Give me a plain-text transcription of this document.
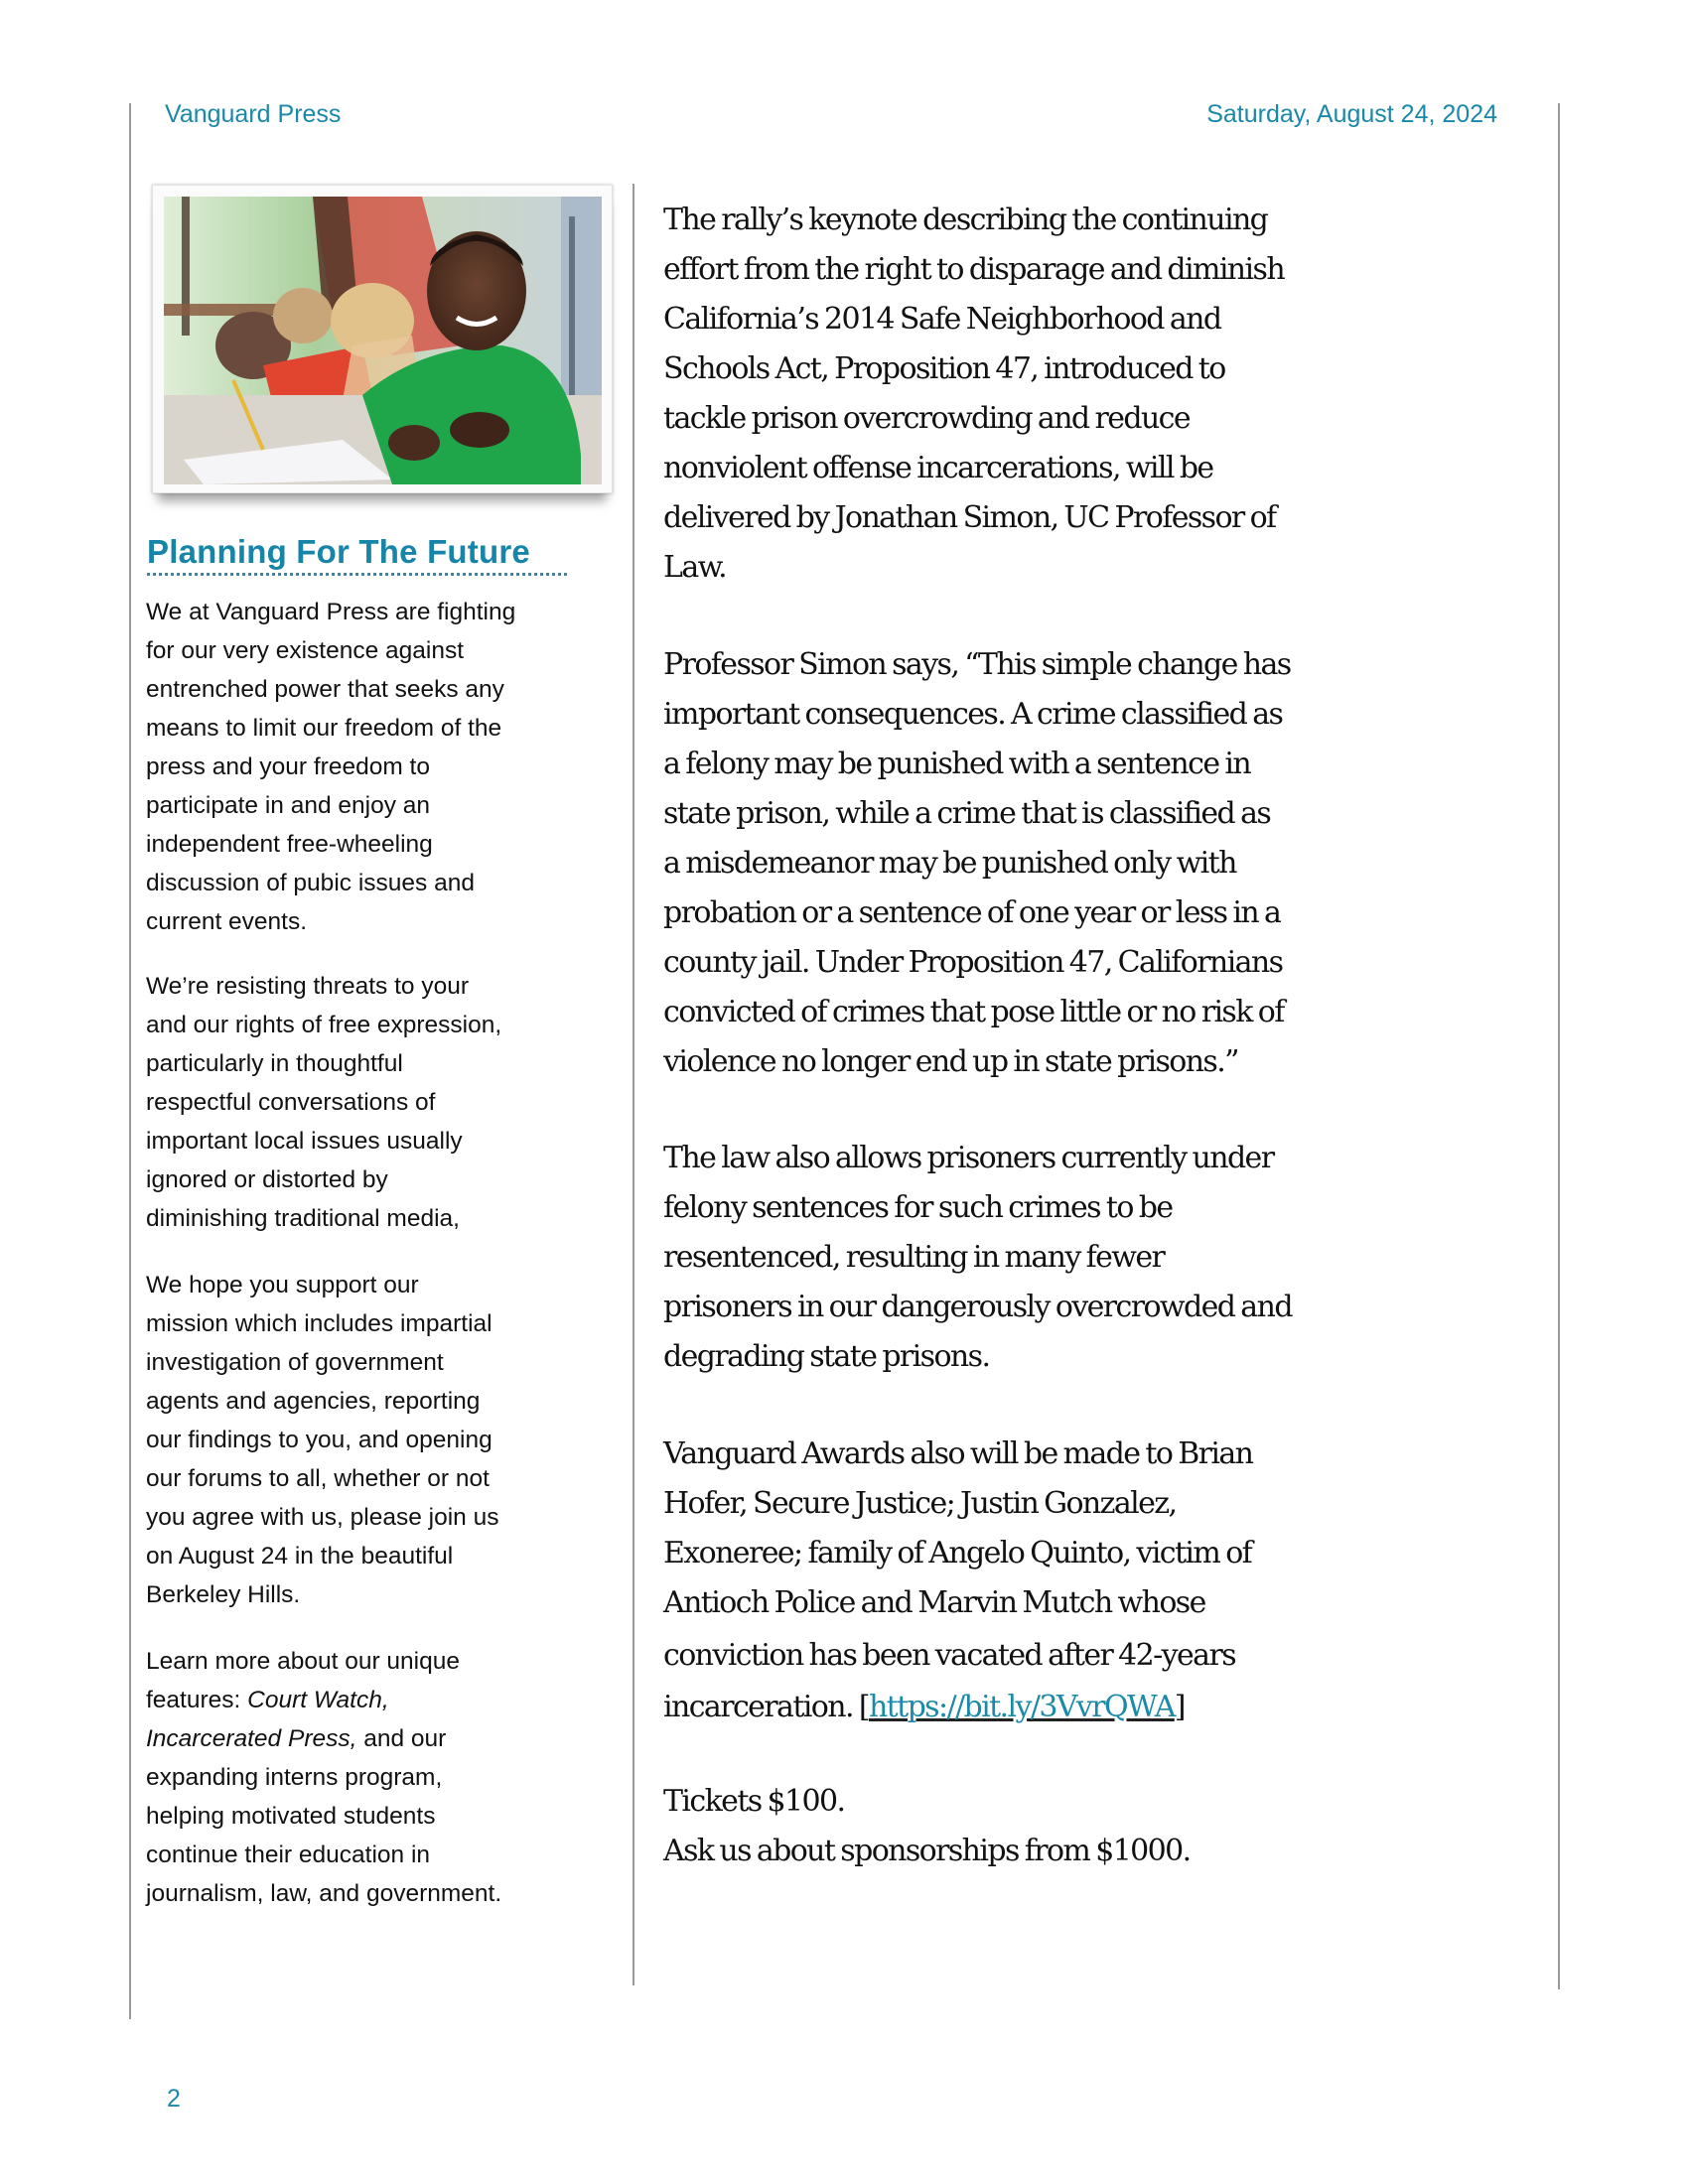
Vanguard Press	Saturday, August 24, 2024
Planning For The Future
We at Vanguard Press are fighting
for our very existence against
entrenched power that seeks any
means to limit our freedom of the
press and your freedom to
participate in and enjoy an
independent free-wheeling
discussion of pubic issues and
current events.
We’re resisting threats to your
and our rights of free expression,
particularly in thoughtful
respectful conversations of
important local issues usually
ignored or distorted by
diminishing traditional media,
We hope you support our
mission which includes impartial
investigation of government
agents and agencies, reporting
our findings to you, and opening
our forums to all, whether or not
you agree with us, please join us
on August 24 in the beautiful
Berkeley Hills.
Learn more about our unique
features: Court Watch,
Incarcerated Press, and our
expanding interns program,
helping motivated students
continue their education in
journalism, law, and government.
The rally’s keynote describing the continuing
effort from the right to disparage and diminish
California’s 2014 Safe Neighborhood and
Schools Act, Proposition 47, introduced to
tackle prison overcrowding and reduce
nonviolent offense incarcerations, will be
delivered by Jonathan Simon, UC Professor of
Law.
Professor Simon says, “This simple change has
important consequences. A crime classified as
a felony may be punished with a sentence in
state prison, while a crime that is classified as
a misdemeanor may be punished only with
probation or a sentence of one year or less in a
county jail. Under Proposition 47, Californians
convicted of crimes that pose little or no risk of
violence no longer end up in state prisons.”
The law also allows prisoners currently under
felony sentences for such crimes to be
resentenced, resulting in many fewer
prisoners in our dangerously overcrowded and
degrading state prisons.
Vanguard Awards also will be made to Brian
Hofer, Secure Justice; Justin Gonzalez,
Exoneree; family of Angelo Quinto, victim of
Antioch Police and Marvin Mutch whose
conviction has been vacated after 42-years
incarceration. [https://bit.ly/3VvrQWA]
Tickets $100.
Ask us about sponsorships from $1000.
2
